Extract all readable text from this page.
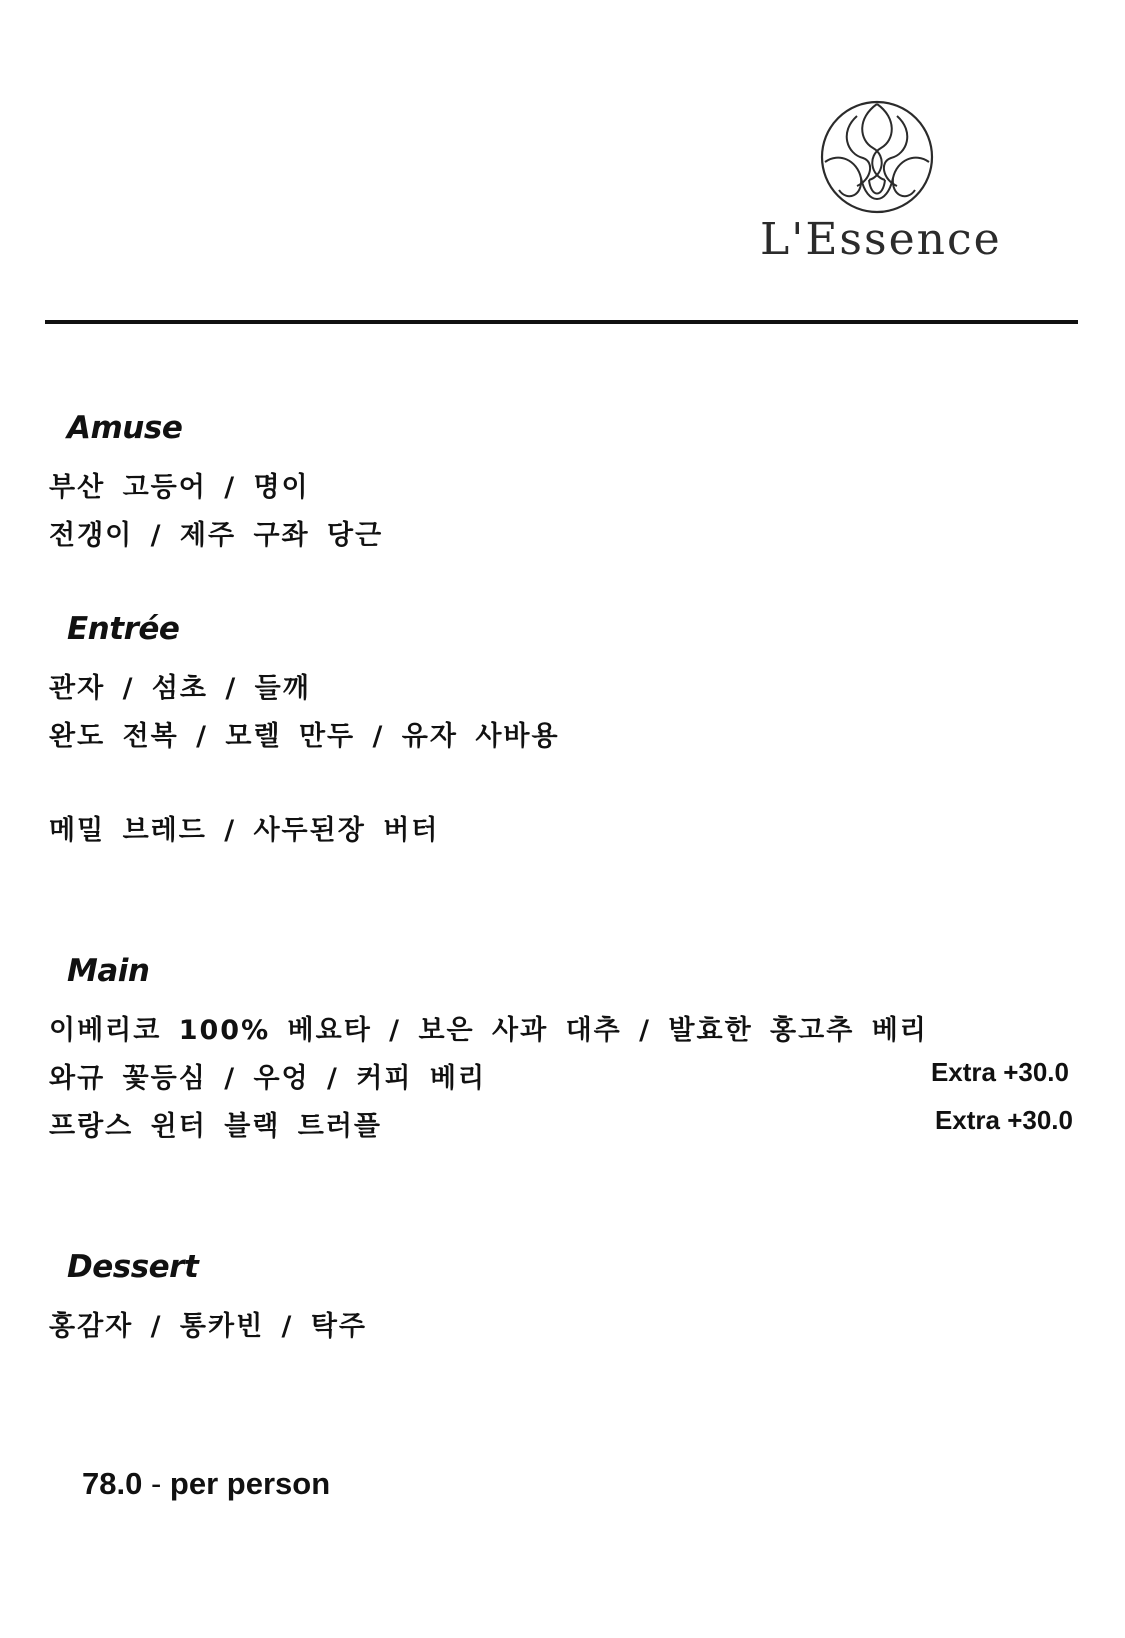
L'Essence
Amuse
부산 고등어 / 명이
전갱이 / 제주 구좌 당근
Entrée
관자 / 섬초 / 들깨
완도 전복 / 모렐 만두 / 유자 사바용
메밀 브레드 / 사두된장 버터
Main
이베리코 100% 베요타 / 보은 사과 대추 / 발효한 홍고추 베리
와규 꽃등심 / 우엉 / 커피 베리	Extra +30.0
프랑스 윈터 블랙 트러플	Extra +30.0
Dessert
홍감자 / 통카빈 / 탁주
78.0 - per person
